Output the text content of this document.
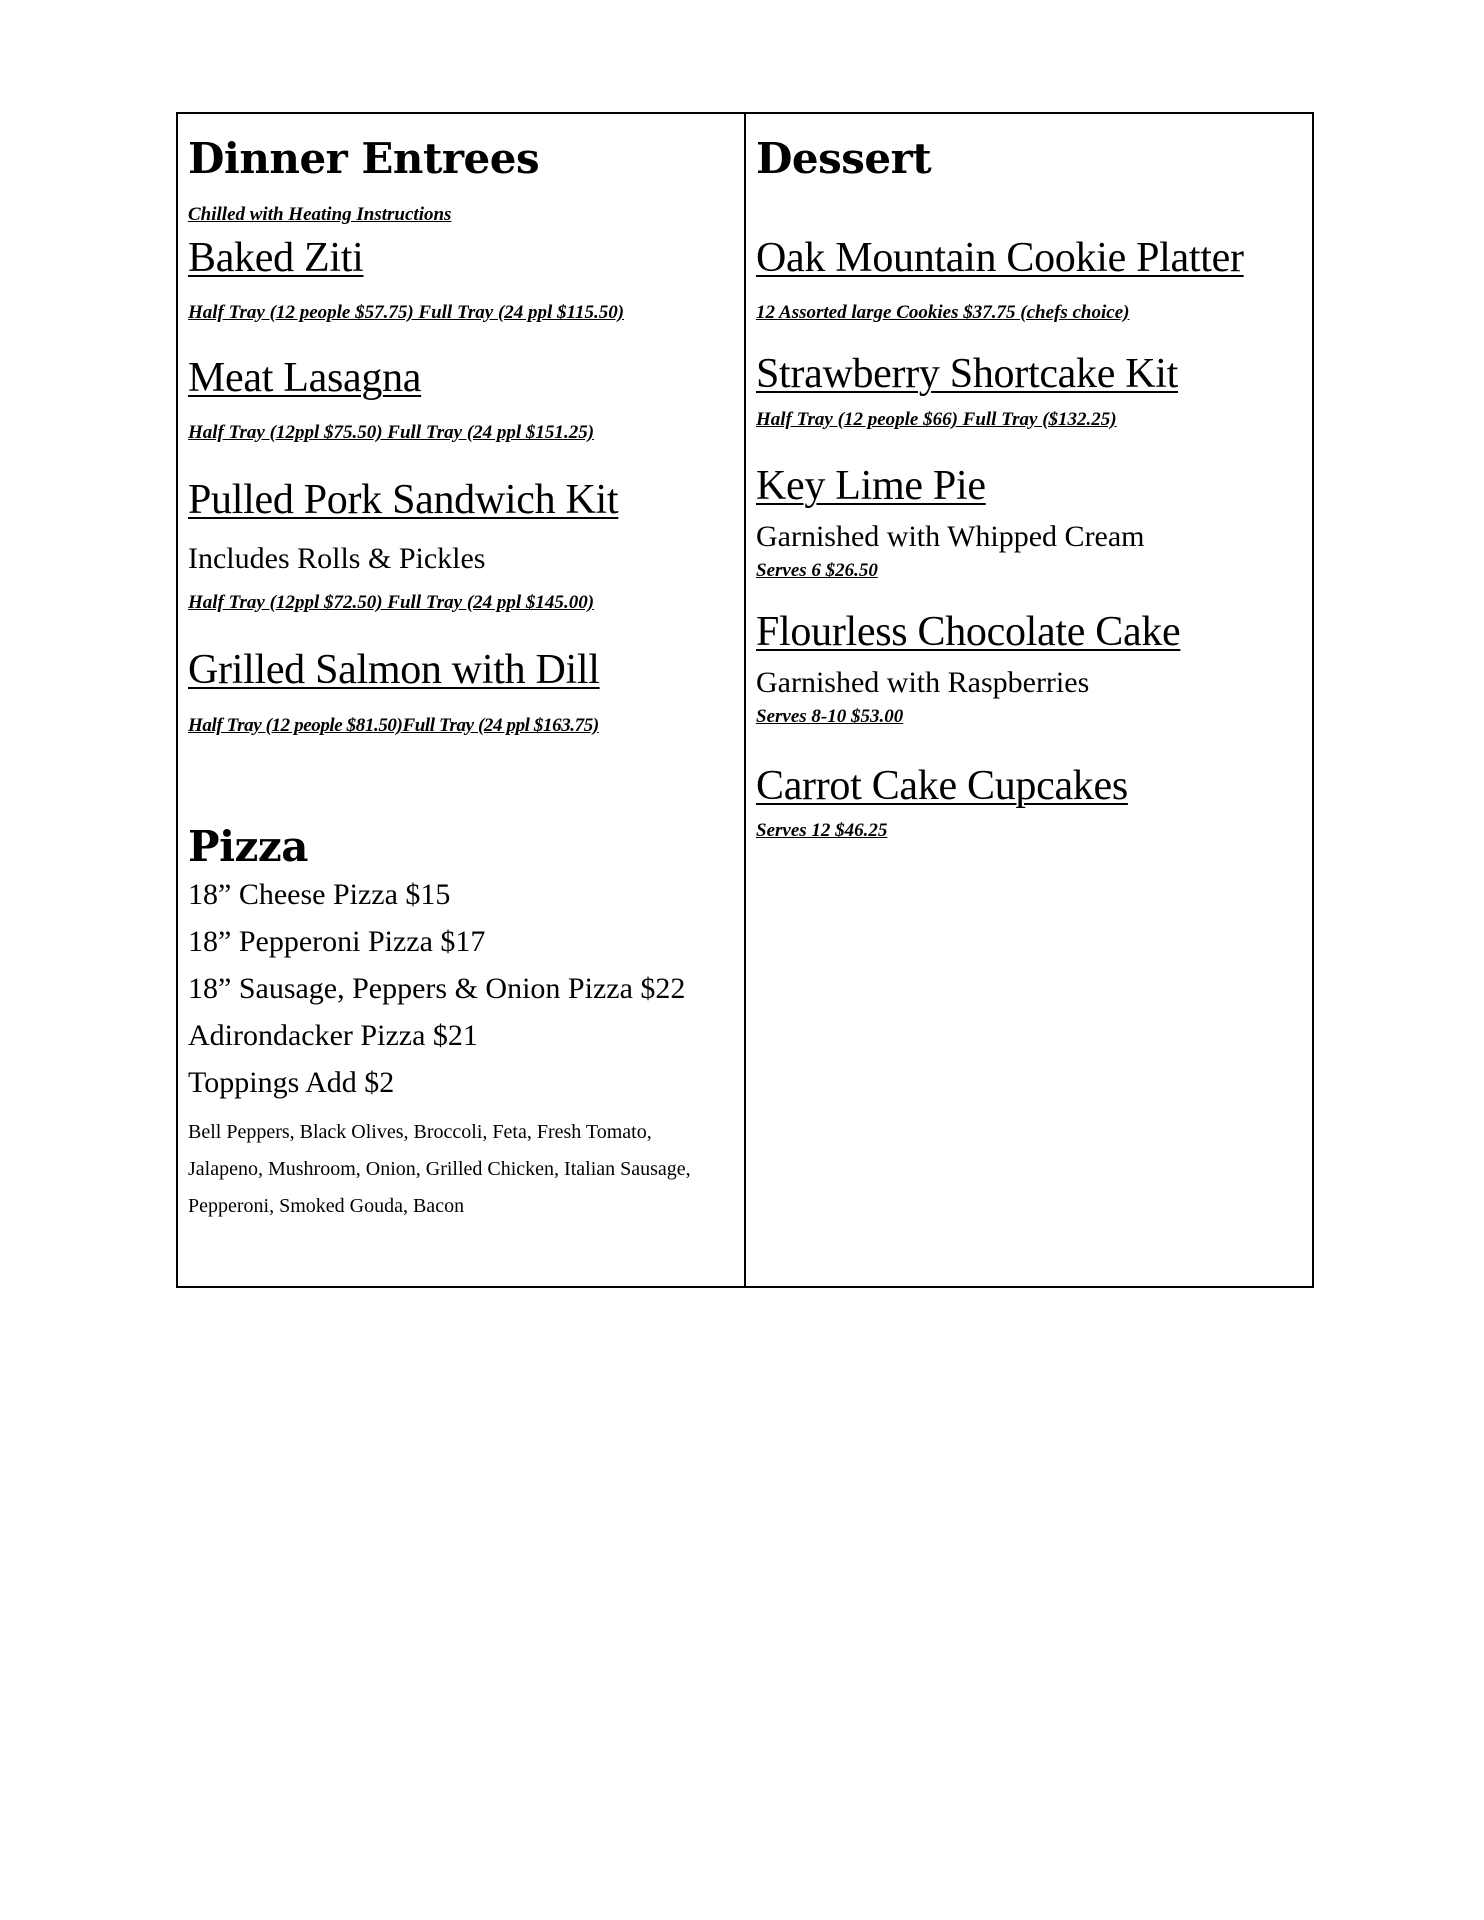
Dinner Entrees
Chilled with Heating Instructions
Baked Ziti
Half Tray (12 people $57.75) Full Tray (24 ppl $115.50)
Meat Lasagna
Half Tray (12ppl $75.50) Full Tray (24 ppl $151.25)
Pulled Pork Sandwich Kit
Includes Rolls & Pickles
Half Tray (12ppl $72.50) Full Tray (24 ppl $145.00)
Grilled Salmon with Dill
Half Tray (12 people $81.50)Full Tray (24 ppl $163.75)
Pizza
18” Cheese Pizza $15
18” Pepperoni Pizza $17
18” Sausage, Peppers & Onion Pizza $22
Adirondacker Pizza $21
Toppings Add $2
Bell Peppers, Black Olives, Broccoli, Feta, Fresh Tomato, Jalapeno, Mushroom, Onion, Grilled Chicken, Italian Sausage, Pepperoni, Smoked Gouda, Bacon
Dessert
Oak Mountain Cookie Platter
12 Assorted large Cookies $37.75 (chefs choice)
Strawberry Shortcake Kit
Half Tray (12 people $66) Full Tray ($132.25)
Key Lime Pie
Garnished with Whipped Cream
Serves 6 $26.50
Flourless Chocolate Cake
Garnished with Raspberries
Serves 8-10 $53.00
Carrot Cake Cupcakes
Serves 12 $46.25
